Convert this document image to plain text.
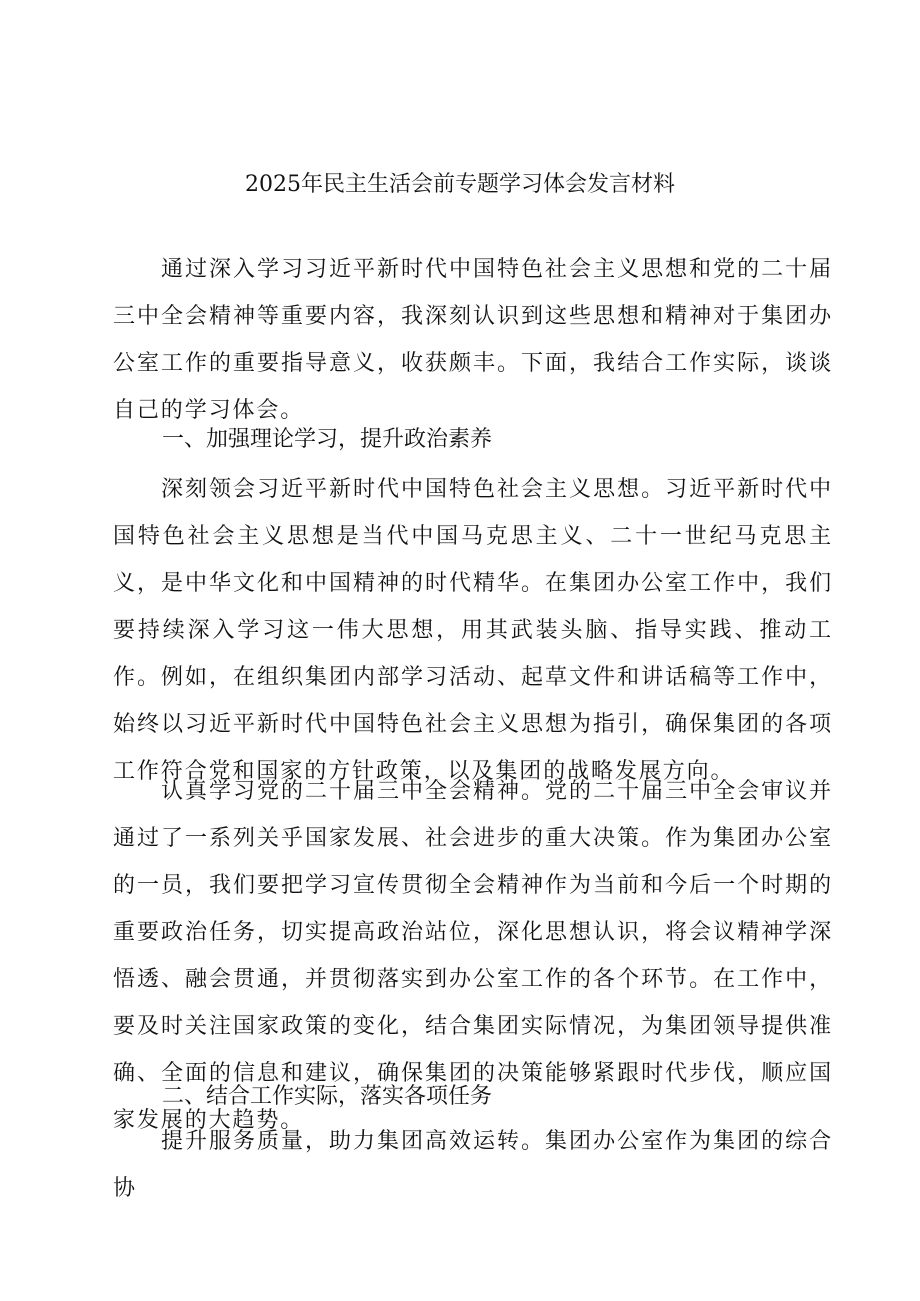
2025年民主生活会前专题学习体会发言材料

通过深入学习习近平新时代中国特色社会主义思想和党的二十届三中全会精神等重要内容，我深刻认识到这些思想和精神对于集团办公室工作的重要指导意义，收获颇丰。下面，我结合工作实际，谈谈自己的学习体会。

一、加强理论学习，提升政治素养

深刻领会习近平新时代中国特色社会主义思想。习近平新时代中国特色社会主义思想是当代中国马克思主义、二十一世纪马克思主义，是中华文化和中国精神的时代精华。在集团办公室工作中，我们要持续深入学习这一伟大思想，用其武装头脑、指导实践、推动工作。例如，在组织集团内部学习活动、起草文件和讲话稿等工作中，始终以习近平新时代中国特色社会主义思想为指引，确保集团的各项工作符合党和国家的方针政策，以及集团的战略发展方向。

认真学习党的二十届三中全会精神。党的二十届三中全会审议并通过了一系列关乎国家发展、社会进步的重大决策。作为集团办公室的一员，我们要把学习宣传贯彻全会精神作为当前和今后一个时期的重要政治任务，切实提高政治站位，深化思想认识，将会议精神学深悟透、融会贯通，并贯彻落实到办公室工作的各个环节。在工作中，要及时关注国家政策的变化，结合集团实际情况，为集团领导提供准确、全面的信息和建议，确保集团的决策能够紧跟时代步伐，顺应国家发展的大趋势。

二、结合工作实际，落实各项任务

提升服务质量，助力集团高效运转。集团办公室作为集团的综合协
